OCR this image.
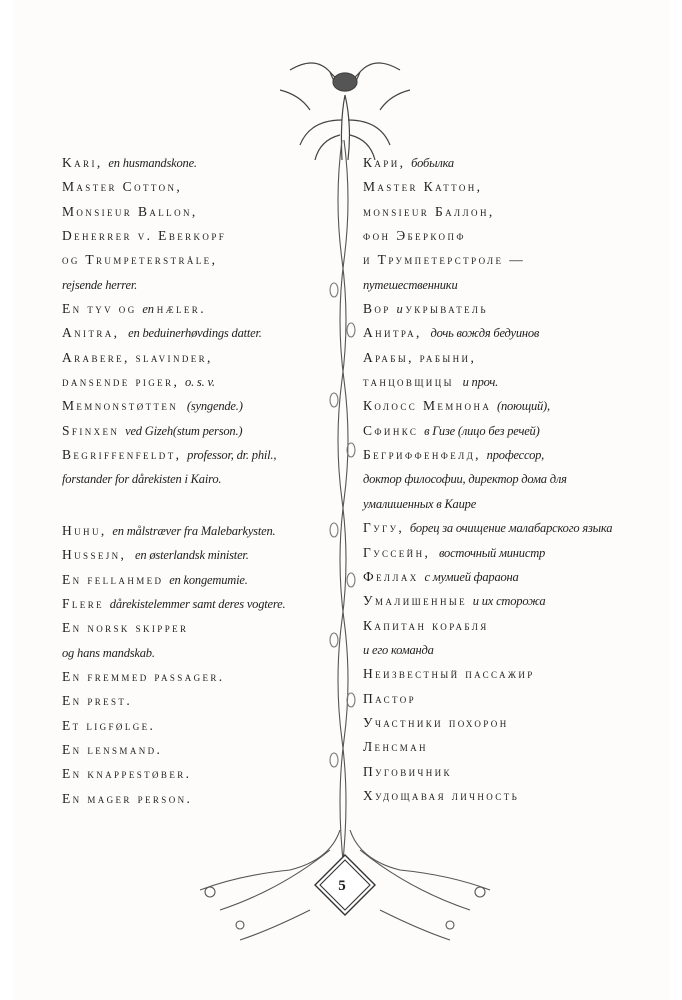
5
Kari, en husmandskone.
Master Cotton,
Monsieur Ballon,
Deherrer v. Eberkopf
og Trumpeterstråle,
rejsende herrer.
En tyv og en hæler.
Anitra,  en beduinerhøvdings datter.
Arabere, slavinder,
dansende piger, o. s. v.
Memnonstøtten  (syngende.)
Sfinxen ved Gizeh(stum person.)
Begriffenfeldt, professor, dr. phil.,
forstander for dårekisten i Kairo.
Huhu, en målstræver fra Malebarkysten.
Hussejn,  en østerlandsk minister.
En fellahmed en kongemumie.
Flere dårekistelemmer samt deres vogtere.
En norsk skipper
og hans mandskab.
En fremmed passager.
En prest.
Et ligfølge.
En lensmand.
En knappestøber.
En mager person.
Кари, бобылка
Master Каттон,
monsieur Баллон,
фон Эберкопф
и Трумпетерстроле —
путешественники
Вор и укрыватель
Анитра,  дочь вождя бедуинов
Арабы, рабыни,
танцовщицы  и проч.
Колосс Мемнона (поющий),
Сфинкс в Гизе (лицо без речей)
Бегриффенфелд, профессор,
доктор философии, директор дома для
умалишенных в Каире
Гугу, борец за очищение малабарского языка
Гуссейн,  восточный министр
Феллах с мумией фараона
Умалишенные и их сторожа
Капитан корабля
и его команда
Неизвестный пассажир
Пастор
Участники похорон
Ленсман
Пуговичник
Худощавая личность
